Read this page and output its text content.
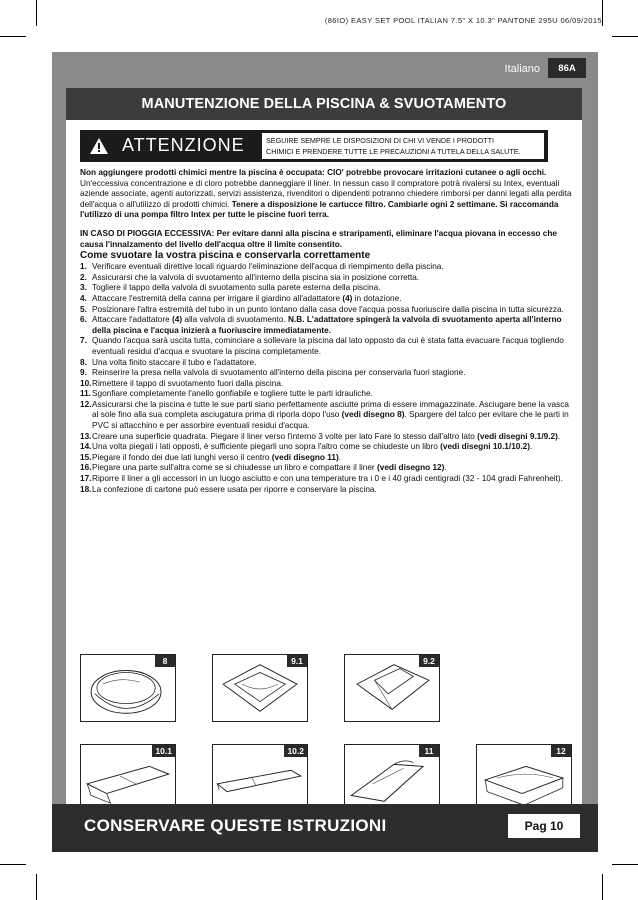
(86IO) EASY SET POOL ITALIAN 7.5" X 10.3" PANTONE 295U 06/09/2015
Italiano	86A
MANUTENZIONE DELLA PISCINA & SVUOTAMENTO
ATTENZIONE	SEGUIRE SEMPRE LE DISPOSIZIONI DI CHI VI VENDE I PRODOTTI
CHIMICI E PRENDERE TUTTE LE PRECAUZIONI A TUTELA DELLA SALUTE.

Non aggiungere prodotti chimici mentre la piscina è occupata: CIO' potrebbe provocare irritazioni cutanee o agli occhi. Un'eccessiva concentrazione e di cloro potrebbe danneggiare il liner. In nessun caso il compratore potrà rivalersi su Intex, eventuali aziende associate, agenti autorizzati, servizi assistenza, rivenditori o dipendenti potranno chiedere rimborsi per danni legati alla perdita dell'acqua o all'utilizzo di prodotti chimici. Tenere a disposizione le cartucce filtro. Cambiarle ogni 2 settimane. Si raccomanda l'utilizzo di una pompa filtro Intex per tutte le piscine fuori terra.

IN CASO DI PIOGGIA ECCESSIVA: Per evitare danni alla piscina e straripamenti, eliminare l'acqua piovana in eccesso che causa l'innalzamento del livello dell'acqua oltre il limite consentito.

Come svuotare la vostra piscina e conservarla correttamente

1. Verificare eventuali direttive locali riguardo l'eliminazione dell'acqua di riempimento della piscina.
2. Assicurarsi che la valvola di svuotamento all'interno della piscina sia in posizione corretta.
3. Togliere il tappo della valvola di svuotamento sulla parete esterna della piscina.
4. Attaccare l'estremità della canna per irrigare il giardino all'adattatore (4) in dotazione.
5. Posizionare l'altra estremità del tubo in un punto lontano dalla casa dove l'acqua possa fuoriuscire dalla piscina in tutta sicurezza.
6. Attaccare l'adattatore (4) alla valvola di svuotamento. N.B. L'adattatore spingerà la valvola di svuotamento aperta all'interno della piscina e l'acqua inizierà a fuoriuscire immediatamente.
7. Quando l'acqua sarà uscita tutta, cominciare a sollevare la piscina dal lato opposto da cui è stata fatta evacuare l'acqua togliendo eventuali residui d'acqua e svuotare la piscina completamente.
8. Una volta finito staccare il tubo e l'adattatore.
9. Reinserire la presa nella valvola di svuotamento all'interno della piscina per conservarla fuori stagione.
10. Rimettere il tappo di svuotamento fuori dalla piscina.
11. Sgonfiare completamente l'anello gonfiabile e togliere tutte le parti idrauliche.
12. Assicurarsi che la piscina e tutte le sue parti siano perfettamente asciutte prima di essere immagazzinate. Asciugare bene la vasca al sole fino alla sua completa asciugatura prima di riporla dopo l'uso (vedi disegno 8). Spargere del talco per evitare che le parti in PVC si attacchino e per assorbire eventuali residui d'acqua.
13. Creare una superficie quadrata. Piegare il liner verso l'interno 3 volte per lato Fare lo stesso dall'altro lato (vedi disegni 9.1/9.2).
14. Una volta piegati i lati opposti, è sufficiente piegarli uno sopra l'altro come se chiudeste un libro (vedi disegni 10.1/10.2).
15. Piegare il fondo dei due lati lunghi verso il centro (vedi disegno 11).
16. Piegare una parte sull'altra come se si chiudesse un libro e compattare il liner (vedi disegno 12).
17. Riporre il liner a gli accessori in un luogo asciutto e con una temperature tra i 0 e i 40 gradi centigradi (32 - 104 gradi Fahrenheit).
18. La confezione di cartone può essere usata per riporre e conservare la piscina.
8	9.1	9.2
10.1	10.2	11	12
CONSERVARE QUESTE ISTRUZIONI	Pag 10
